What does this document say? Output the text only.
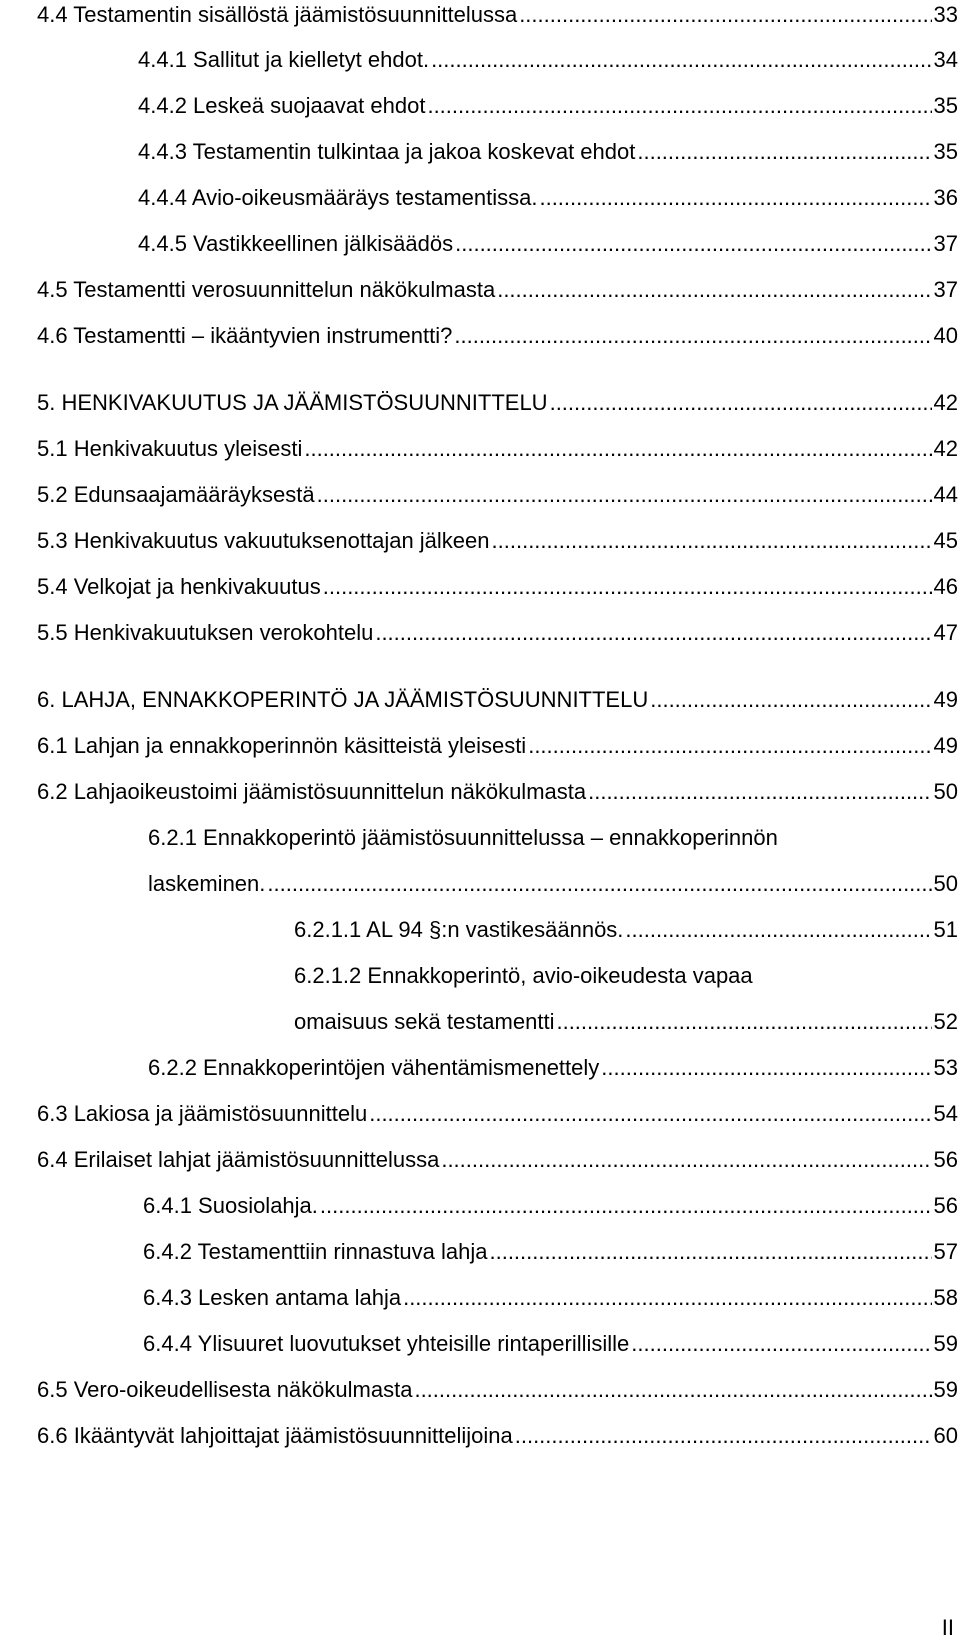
4.4 Testamentin sisällöstä jäämistösuunnittelussa .....	33
4.4.1 Sallitut ja kielletyt ehdot. .....	34
4.4.2 Leskeä suojaavat ehdot .....	35
4.4.3 Testamentin tulkintaa ja jakoa koskevat ehdot .....	35
4.4.4 Avio-oikeusmääräys testamentissa. .....	36
4.4.5 Vastikkeellinen jälkisäädös .....	37
4.5 Testamentti verosuunnittelun näkökulmasta .....	37
4.6 Testamentti – ikääntyvien instrumentti? .....	40
5. HENKIVAKUUTUS JA JÄÄMISTÖSUUNNITTELU .....	42
5.1 Henkivakuutus yleisesti .....	42
5.2 Edunsaajamääräyksestä .....	44
5.3 Henkivakuutus vakuutuksenottajan jälkeen .....	45
5.4 Velkojat ja henkivakuutus .....	46
5.5 Henkivakuutuksen verokohtelu .....	47
6. LAHJA, ENNAKKOPERINTÖ JA JÄÄMISTÖSUUNNITTELU .....	49
6.1 Lahjan ja ennakkoperinnön käsitteistä yleisesti .....	49
6.2 Lahjaoikeustoimi jäämistösuunnittelun näkökulmasta .....	50
6.2.1 Ennakkoperintö jäämistösuunnittelussa – ennakkoperinnön
laskeminen. .....	50
6.2.1.1 AL 94 §:n vastikesäännös. .....	51
6.2.1.2 Ennakkoperintö, avio-oikeudesta vapaa
omaisuus sekä testamentti .....	52
6.2.2 Ennakkoperintöjen vähentämismenettely .....	53
6.3 Lakiosa ja jäämistösuunnittelu .....	54
6.4 Erilaiset lahjat jäämistösuunnittelussa .....	56
6.4.1 Suosiolahja. .....	56
6.4.2 Testamenttiin rinnastuva lahja .....	57
6.4.3 Lesken antama lahja .....	58
6.4.4 Ylisuuret luovutukset yhteisille rintaperillisille .....	59
6.5 Vero-oikeudellisesta näkökulmasta .....	59
6.6 Ikääntyvät lahjoittajat jäämistösuunnittelijoina .....	60
II
